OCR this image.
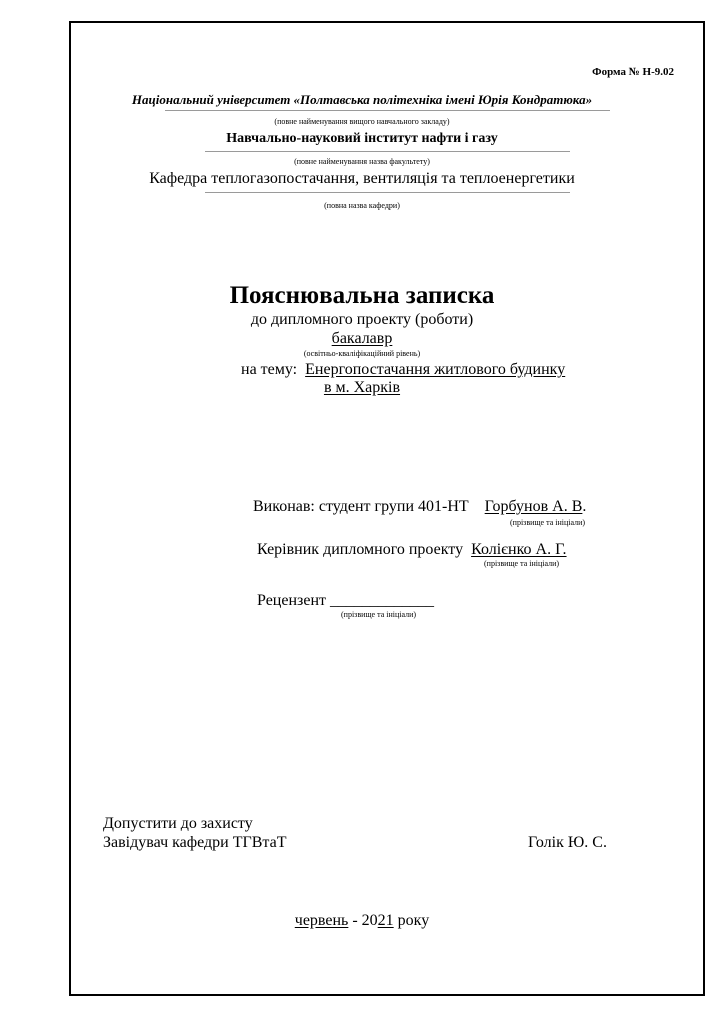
Форма № Н-9.02
Національний університет «Полтавська політехніка імені Юрія Кондратюка»
(повне найменування вищого навчального закладу)
Навчально-науковий інститут нафти і газу
(повне найменування назва факультету)
Кафедра теплогазопостачання, вентиляція та теплоенергетики
(повна назва кафедри)
Пояснювальна записка
до дипломного проекту (роботи)
бакалавр
(освітньо-кваліфікаційний рівень)
на тему: Енергопостачання житлового будинку
в м. Харків
Виконав: студент групи 401-НТ Горбунов А. В.
(прізвище та ініціали)
Керівник дипломного проекту Колієнко А. Г.
(прізвище та ініціали)
Рецензент _____________
(прізвище та ініціали)
Допустити до захисту
Завідувач кафедри ТГВтаТ	Голік Ю. С.
червень - 2021 року
